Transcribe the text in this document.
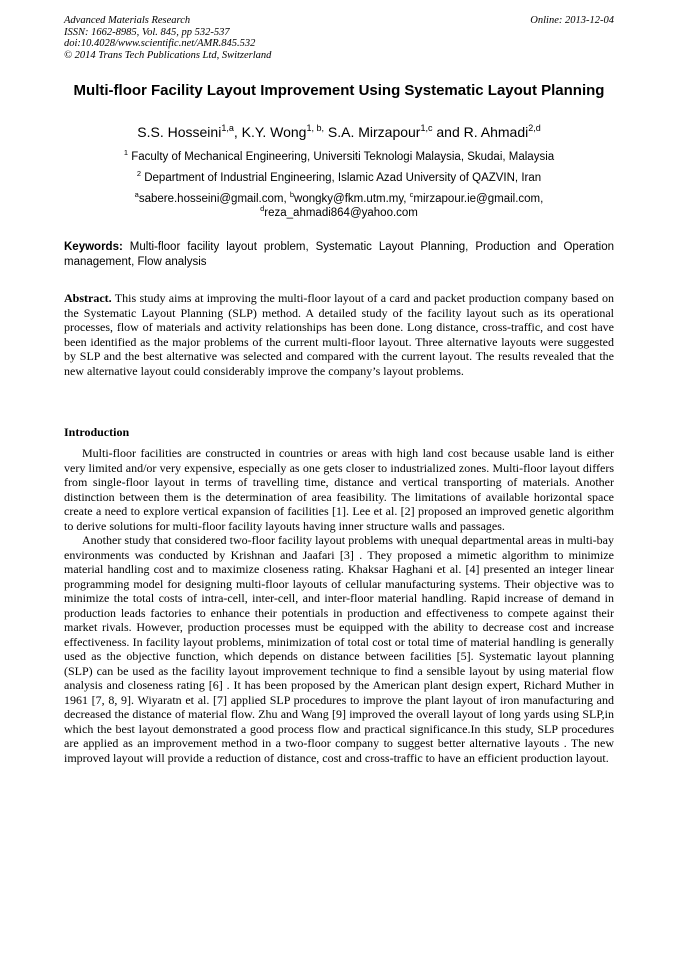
Advanced Materials Research
ISSN: 1662-8985, Vol. 845, pp 532-537
doi:10.4028/www.scientific.net/AMR.845.532
© 2014 Trans Tech Publications Ltd, Switzerland
Online: 2013-12-04
Multi-floor Facility Layout Improvement Using Systematic Layout Planning
S.S. Hosseini$^{1,a}$, K.Y. Wong$^{1, b,}$ S.A. Mirzapour$^{1,c}$ and R. Ahmadi$^{2,d}$
$^1$ Faculty of Mechanical Engineering, Universiti Teknologi Malaysia, Skudai, Malaysia
$^2$ Department of Industrial Engineering, Islamic Azad University of QAZVIN, Iran
$^a$sabere.hosseini@gmail.com, $^b$wongky@fkm.utm.my, $^c$mirzapour.ie@gmail.com,
$^d$reza_ahmadi864@yahoo.com
Keywords: Multi-floor facility layout problem, Systematic Layout Planning, Production and Operation management, Flow analysis
Abstract. This study aims at improving the multi-floor layout of a card and packet production company based on the Systematic Layout Planning (SLP) method. A detailed study of the facility layout such as its operational processes, flow of materials and activity relationships has been done. Long distance, cross-traffic, and cost have been identified as the major problems of the current multi-floor layout. Three alternative layouts were suggested by SLP and the best alternative was selected and compared with the current layout. The results revealed that the new alternative layout could considerably improve the company’s layout problems.
Introduction

Multi-floor facilities are constructed in countries or areas with high land cost because usable land is either very limited and/or very expensive, especially as one gets closer to industrialized zones. Multi-floor layout differs from single-floor layout in terms of travelling time, distance and vertical transporting of materials. Another distinction between them is the determination of area feasibility. The limitations of available horizontal space create a need to explore vertical expansion of facilities [1]. Lee et al. [2] proposed an improved genetic algorithm to derive solutions for multi-floor facility layouts having inner structure walls and passages.

Another study that considered two-floor facility layout problems with unequal departmental areas in multi-bay environments was conducted by Krishnan and Jaafari [3] . They proposed a mimetic algorithm to minimize material handling cost and to maximize closeness rating. Khaksar Haghani et al. [4] presented an integer linear programming model for designing multi-floor layouts of cellular manufacturing systems. Their objective was to minimize the total costs of intra-cell, inter-cell, and inter-floor material handling. Rapid increase of demand in production leads factories to enhance their potentials in production and effectiveness to compete against their market rivals. However, production processes must be equipped with the ability to decrease cost and increase effectiveness. In facility layout problems, minimization of total cost or total time of material handling is generally used as the objective function, which depends on distance between facilities [5]. Systematic layout planning (SLP) can be used as the facility layout improvement technique to find a sensible layout by using material flow analysis and closeness rating [6] . It has been proposed by the American plant design expert, Richard Muther in 1961 [7, 8, 9]. Wiyaratn et al. [7] applied SLP procedures to improve the plant layout of iron manufacturing and decreased the distance of material flow. Zhu and Wang [9] improved the overall layout of long yards using SLP,in which the best layout demonstrated a good process flow and practical significance.In this study, SLP procedures are applied as an improvement method in a two-floor company to suggest better alternative layouts . The new improved layout will provide a reduction of distance, cost and cross-traffic to have an efficient production layout.
